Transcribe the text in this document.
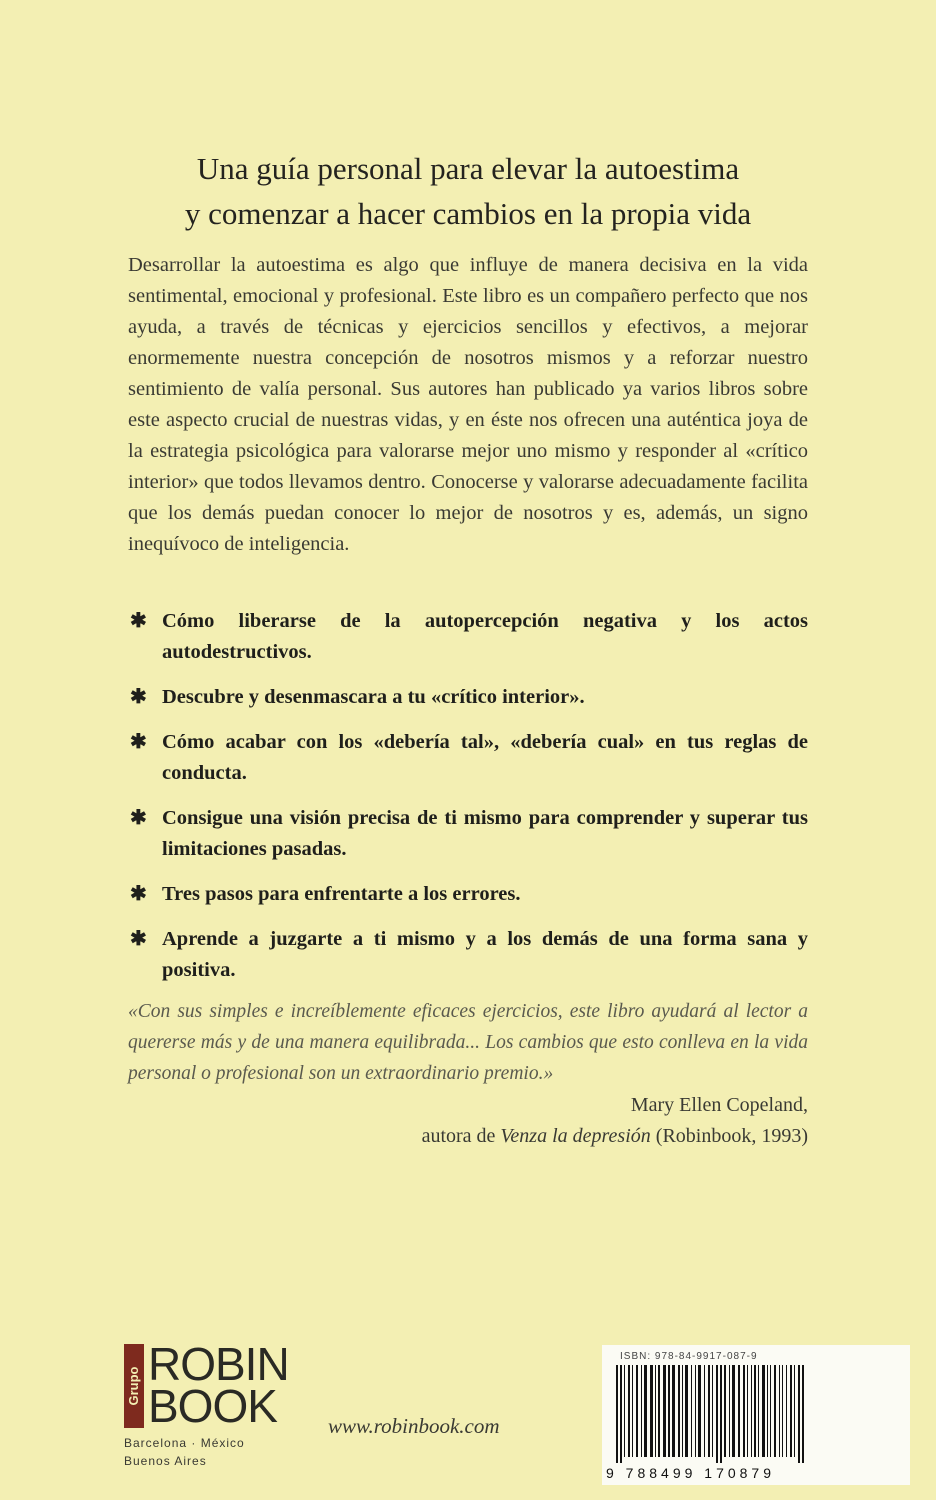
Una guía personal para elevar la autoestima
y comenzar a hacer cambios en la propia vida

Desarrollar la autoestima es algo que influye de manera decisiva en la vida sentimental, emocional y profesional. Este libro es un compañero perfecto que nos ayuda, a través de técnicas y ejercicios sencillos y efectivos, a mejorar enormemente nuestra concepción de nosotros mismos y a reforzar nuestro sentimiento de valía personal. Sus autores han publicado ya varios libros sobre este aspecto crucial de nuestras vidas, y en éste nos ofrecen una auténtica joya de la estrategia psicológica para valorarse mejor uno mismo y responder al «crítico interior» que todos llevamos dentro. Conocerse y valorarse adecuadamente facilita que los demás puedan conocer lo mejor de nosotros y es, además, un signo inequívoco de inteligencia.

✱ Cómo liberarse de la autopercepción negativa y los actos autodestructivos.
✱ Descubre y desenmascara a tu «crítico interior».
✱ Cómo acabar con los «debería tal», «debería cual» en tus reglas de conducta.
✱ Consigue una visión precisa de ti mismo para comprender y superar tus limitaciones pasadas.
✱ Tres pasos para enfrentarte a los errores.
✱ Aprende a juzgarte a ti mismo y a los demás de una forma sana y positiva.

«Con sus simples e increíblemente eficaces ejercicios, este libro ayudará al lector a quererse más y de una manera equilibrada... Los cambios que esto conlleva en la vida personal o profesional son un extraordinario premio.»

Mary Ellen Copeland,
autora de Venza la depresión (Robinbook, 1993)
Grupo ROBIN
BOOK
Barcelona · México
Buenos Aires
www.robinbook.com
ISBN: 978-84-9917-087-9
9 788499 170879
